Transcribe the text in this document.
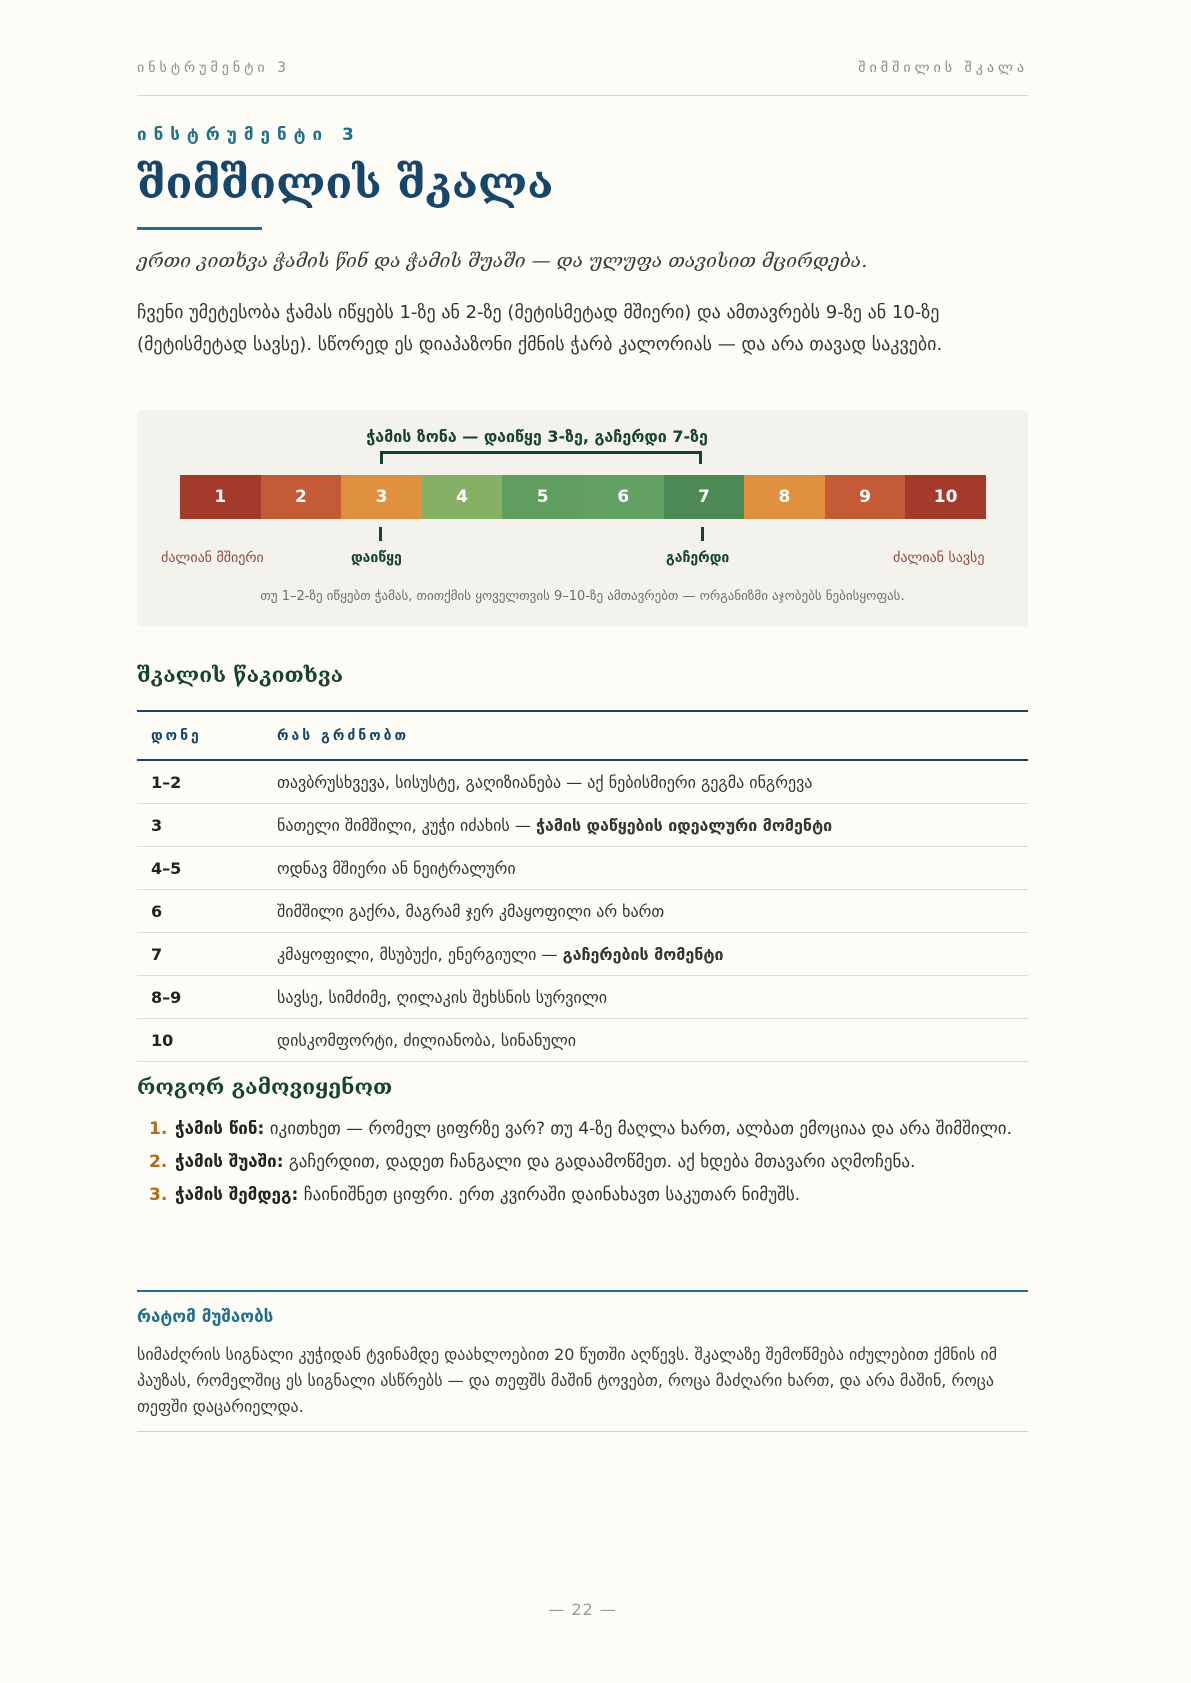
ინსტრუმენტი 3	შიმშილის შკალა
ინსტრუმენტი 3
შიმშილის შკალა
ერთი კითხვა ჭამის წინ და ჭამის შუაში — და ულუფა თავისით მცირდება.

ჩვენი უმეტესობა ჭამას იწყებს 1-ზე ან 2-ზე (მეტისმეტად მშიერი) და ამთავრებს 9-ზე ან 10-ზე (მეტისმეტად სავსე). სწორედ ეს დიაპაზონი ქმნის ჭარბ კალორიას — და არა თავად საკვები.

ჭამის ზონა — დაიწყე 3-ზე, გაჩერდი 7-ზე
1	2	3	4	5	6	7	8	9	10
ძალიან მშიერი	დაიწყე	გაჩერდი	ძალიან სავსე
თუ 1–2-ზე იწყებთ ჭამას, თითქმის ყოველთვის 9–10-ზე ამთავრებთ — ორგანიზმი აჯობებს ნებისყოფას.
შკალის წაკითხვა
დონე	რას გრძნობთ
1–2	თავბრუსხვევა, სისუსტე, გაღიზიანება — აქ ნებისმიერი გეგმა ინგრევა
3	ნათელი შიმშილი, კუჭი იძახის — ჭამის დაწყების იდეალური მომენტი
4–5	ოდნავ მშიერი ან ნეიტრალური
6	შიმშილი გაქრა, მაგრამ ჯერ კმაყოფილი არ ხართ
7	კმაყოფილი, მსუბუქი, ენერგიული — გაჩერების მომენტი
8–9	სავსე, სიმძიმე, ღილაკის შეხსნის სურვილი
10	დისკომფორტი, ძილიანობა, სინანული
როგორ გამოვიყენოთ
1. ჭამის წინ: იკითხეთ — რომელ ციფრზე ვარ? თუ 4-ზე მაღლა ხართ, ალბათ ემოციაა და არა შიმშილი.
2. ჭამის შუაში: გაჩერდით, დადეთ ჩანგალი და გადაამოწმეთ. აქ ხდება მთავარი აღმოჩენა.
3. ჭამის შემდეგ: ჩაინიშნეთ ციფრი. ერთ კვირაში დაინახავთ საკუთარ ნიმუშს.
რატომ მუშაობს

სიმაძღრის სიგნალი კუჭიდან ტვინამდე დაახლოებით 20 წუთში აღწევს. შკალაზე შემოწმება იძულებით ქმნის იმ პაუზას, რომელშიც ეს სიგნალი ასწრებს — და თეფშს მაშინ ტოვებთ, როცა მაძღარი ხართ, და არა მაშინ, როცა თეფში დაცარიელდა.

— 22 —
